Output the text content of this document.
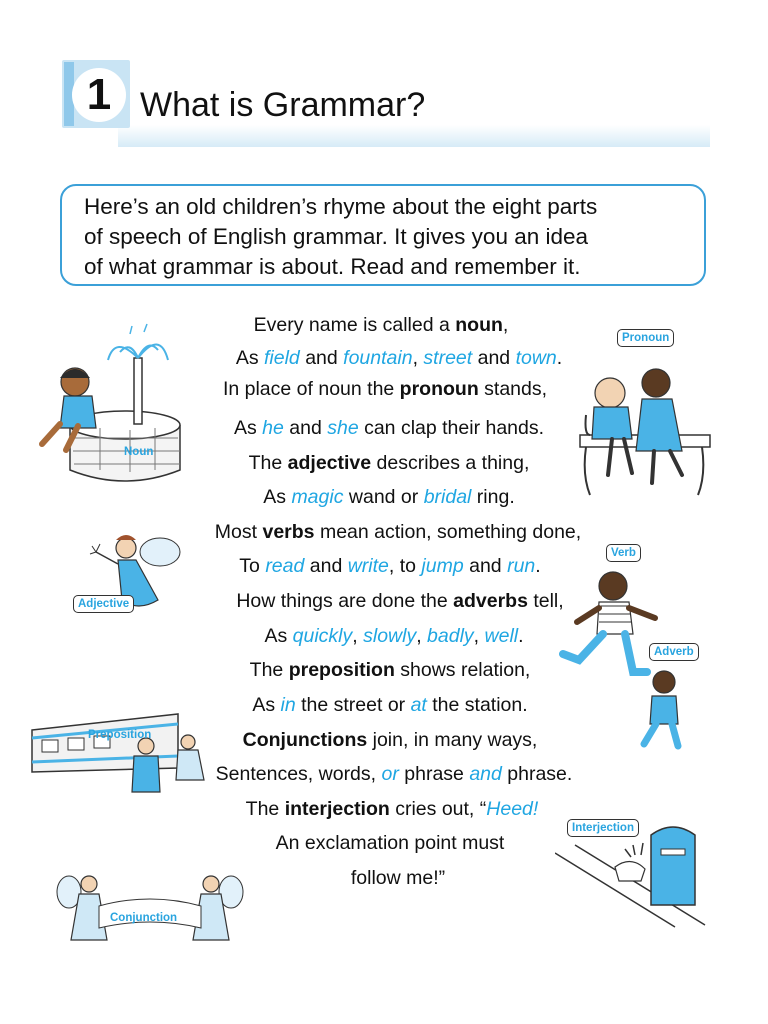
1 What is Grammar?

Here’s an old children’s rhyme about the eight parts
of speech of English grammar. It gives you an idea
of what grammar is about. Read and remember it.

Every name is called a noun,
As field and fountain, street and town.
In place of noun the pronoun stands,
As he and she can clap their hands.
The adjective describes a thing,
As magic wand or bridal ring.
Most verbs mean action, something done,
To read and write, to jump and run.
How things are done the adverbs tell,
As quickly, slowly, badly, well.
The preposition shows relation,
As in the street or at the station.
Conjunctions join, in many ways,
Sentences, words, or phrase and phrase.
The interjection cries out, “Heed!
An exclamation point must
follow me!”
Noun
Pronoun
Adjective
Verb
Adverb
Preposition
Interjection
Conjunction
